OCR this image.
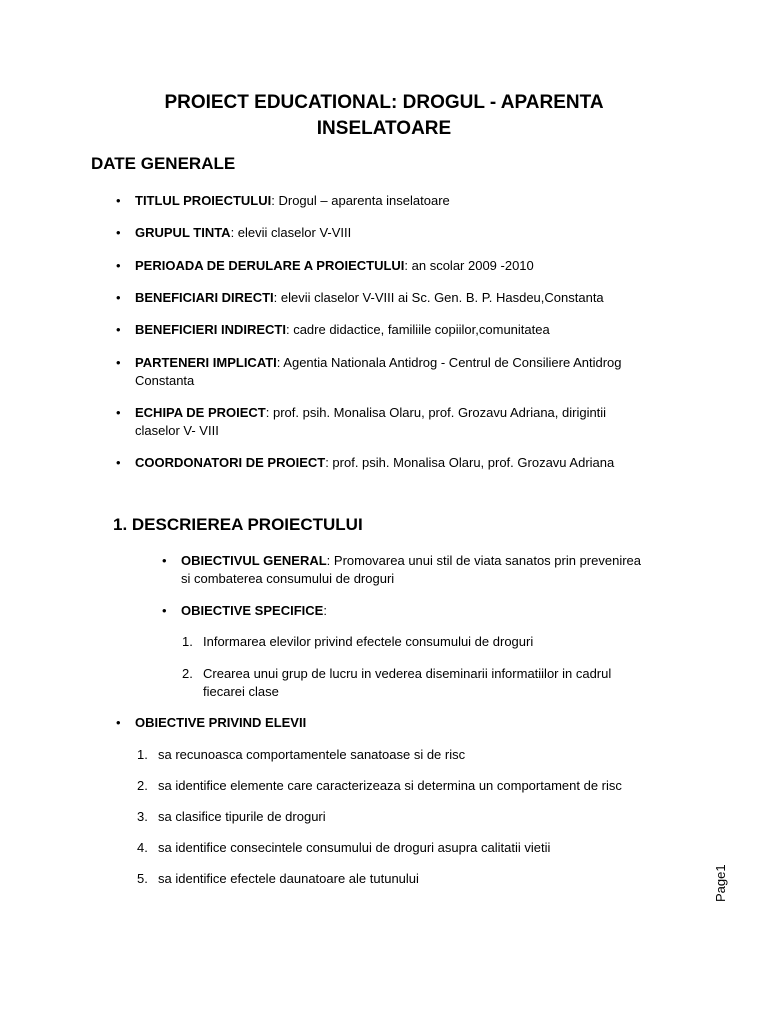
PROIECT EDUCATIONAL: DROGUL - APARENTA
INSELATOARE
DATE GENERALE
• TITLUL PROIECTULUI: Drogul – aparenta inselatoare
• GRUPUL TINTA: elevii claselor V-VIII
• PERIOADA DE DERULARE A PROIECTULUI: an scolar 2009 -2010
• BENEFICIARI DIRECTI: elevii claselor V-VIII ai Sc. Gen. B. P. Hasdeu,Constanta
• BENEFICIERI INDIRECTI: cadre didactice, familiile copiilor,comunitatea
• PARTENERI IMPLICATI: Agentia Nationala Antidrog - Centrul de Consiliere Antidrog
Constanta
• ECHIPA DE PROIECT: prof. psih. Monalisa Olaru, prof. Grozavu Adriana, dirigintii
claselor V- VIII
• COORDONATORI DE PROIECT: prof. psih. Monalisa Olaru, prof. Grozavu Adriana
1. DESCRIEREA PROIECTULUI
• OBIECTIVUL GENERAL: Promovarea unui stil de viata sanatos prin prevenirea
si combaterea consumului de droguri
• OBIECTIVE SPECIFICE:
1. Informarea elevilor privind efectele consumului de droguri
2. Crearea unui grup de lucru in vederea diseminarii informatiilor in cadrul
fiecarei clase
• OBIECTIVE PRIVIND ELEVII
1. sa recunoasca comportamentele sanatoase si de risc
2. sa identifice elemente care caracterizeaza si determina un comportament de risc
3. sa clasifice tipurile de droguri
4. sa identifice consecintele consumului de droguri asupra calitatii vietii
5. sa identifice efectele daunatoare ale tutunului	Page1
